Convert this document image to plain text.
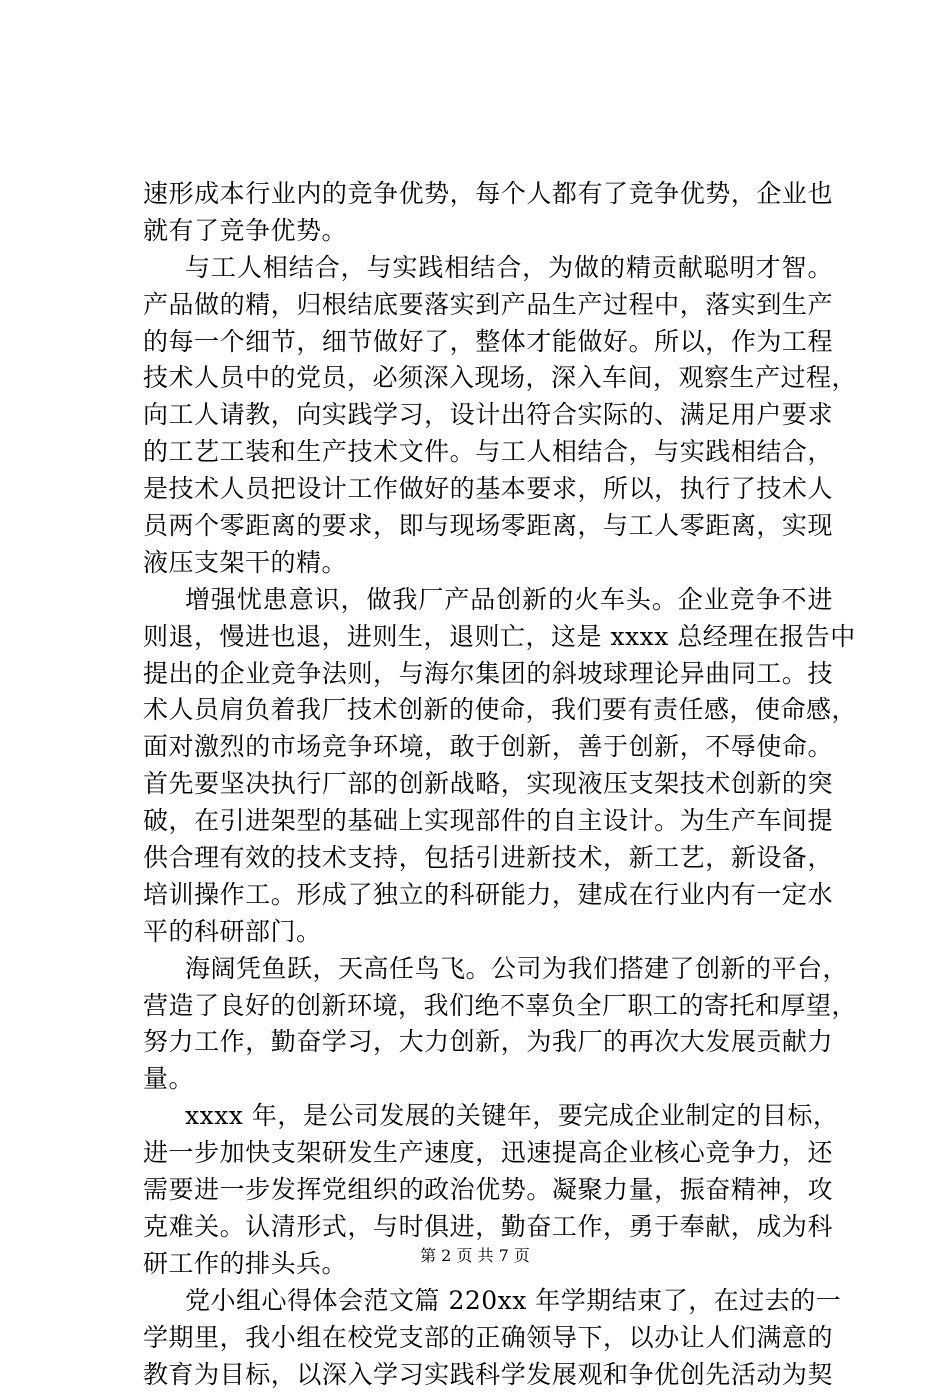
速形成本行业内的竞争优势，每个人都有了竞争优势，企业也
就有了竞争优势。
与工人相结合，与实践相结合，为做的精贡献聪明才智。
产品做的精，归根结底要落实到产品生产过程中，落实到生产
的每一个细节，细节做好了，整体才能做好。所以，作为工程
技术人员中的党员，必须深入现场，深入车间，观察生产过程，
向工人请教，向实践学习，设计出符合实际的、满足用户要求
的工艺工装和生产技术文件。与工人相结合，与实践相结合，
是技术人员把设计工作做好的基本要求，所以，执行了技术人
员两个零距离的要求，即与现场零距离，与工人零距离，实现
液压支架干的精。
增强忧患意识，做我厂产品创新的火车头。企业竞争不进
则退，慢进也退，进则生，退则亡，这是 xxxx 总经理在报告中
提出的企业竞争法则，与海尔集团的斜坡球理论异曲同工。技
术人员肩负着我厂技术创新的使命，我们要有责任感，使命感，
面对激烈的市场竞争环境，敢于创新，善于创新，不辱使命。
首先要坚决执行厂部的创新战略，实现液压支架技术创新的突
破，在引进架型的基础上实现部件的自主设计。为生产车间提
供合理有效的技术支持，包括引进新技术，新工艺，新设备，
培训操作工。形成了独立的科研能力，建成在行业内有一定水
平的科研部门。
海阔凭鱼跃，天高任鸟飞。公司为我们搭建了创新的平台，
营造了良好的创新环境，我们绝不辜负全厂职工的寄托和厚望，
努力工作，勤奋学习，大力创新，为我厂的再次大发展贡献力
量。
xxxx 年，是公司发展的关键年，要完成企业制定的目标，
进一步加快支架研发生产速度，迅速提高企业核心竞争力，还
需要进一步发挥党组织的政治优势。凝聚力量，振奋精神，攻
克难关。认清形式，与时俱进，勤奋工作，勇于奉献，成为科
研工作的排头兵。
党小组心得体会范文篇 220xx 年学期结束了，在过去的一
学期里，我小组在校党支部的正确领导下，以办让人们满意的
教育为目标，以深入学习实践科学发展观和争优创先活动为契
第 2 页 共 7 页
